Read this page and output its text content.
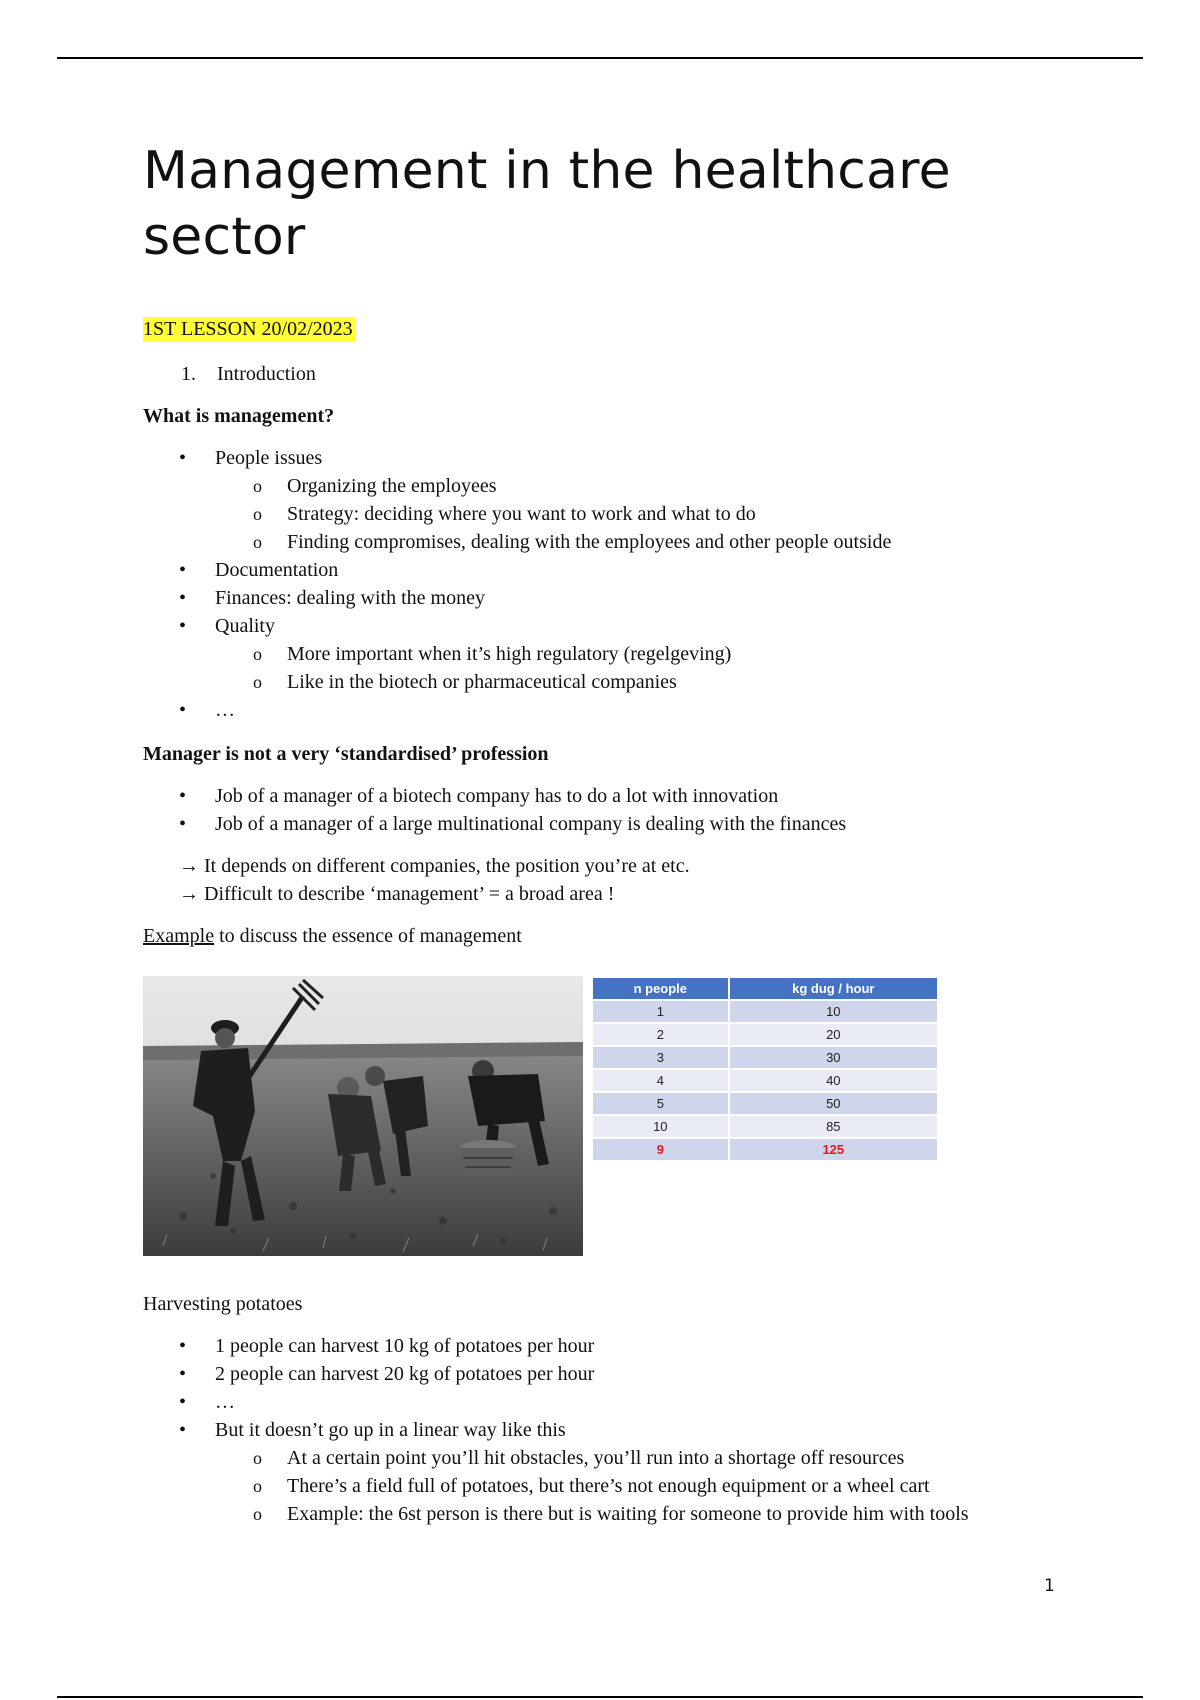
Management in the healthcare sector
1ST LESSON 20/02/2023
1. Introduction

What is management?

• People issues
o Organizing the employees
o Strategy: deciding where you want to work and what to do
o Finding compromises, dealing with the employees and other people outside
• Documentation
• Finances: dealing with the money
• Quality
o More important when it’s high regulatory (regelgeving)
o Like in the biotech or pharmaceutical companies
• …

Manager is not a very ‘standardised’ profession

• Job of a manager of a biotech company has to do a lot with innovation
• Job of a manager of a large multinational company is dealing with the finances

→ It depends on different companies, the position you’re at etc.

→ Difficult to describe ‘management’ = a broad area !

Example to discuss the essence of management

n people	kg dug / hour
1	10
2	20
3	30
4	40
5	50
10	85
9	125

Harvesting potatoes

• 1 people can harvest 10 kg of potatoes per hour
• 2 people can harvest 20 kg of potatoes per hour
• …
• But it doesn’t go up in a linear way like this
o At a certain point you’ll hit obstacles, you’ll run into a shortage off resources
o There’s a field full of potatoes, but there’s not enough equipment or a wheel cart
o Example: the 6st person is there but is waiting for someone to provide him with tools
1
